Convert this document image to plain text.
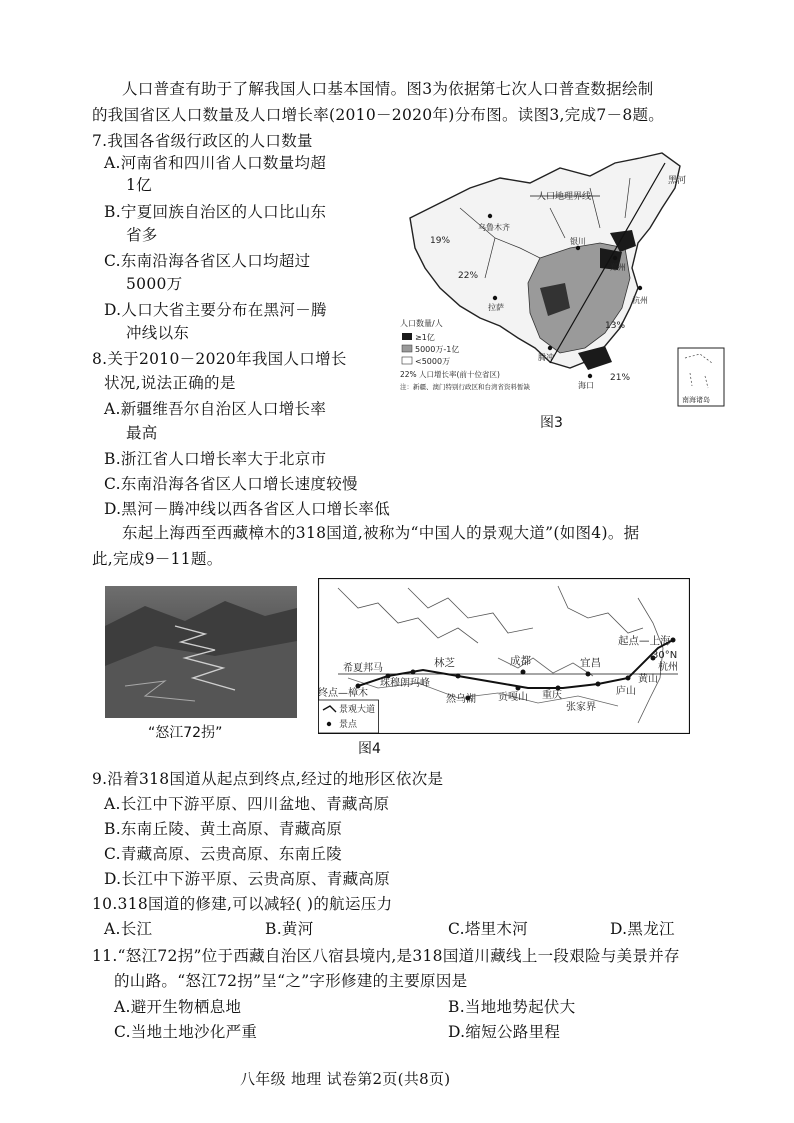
人口普查有助于了解我国人口基本国情。图3为依据第七次人口普查数据绘制
的我国省区人口数量及人口增长率(2010－2020年)分布图。读图3,完成7－8题。
7.我国各省级行政区的人口数量
A.河南省和四川省人口数量均超
1亿
B.宁夏回族自治区的人口比山东
省多
C.东南沿海各省区人口均超过
5000万
D.人口大省主要分布在黑河－腾
冲线以东
8.关于2010－2020年我国人口增长
状况,说法正确的是
A.新疆维吾尔自治区人口增长率
最高
B.浙江省人口增长率大于北京市
C.东南沿海各省区人口增长速度较慢
D.黑河－腾冲线以西各省区人口增长率低
黑河
人口地理界线
乌鲁木齐
19%
22%
拉萨
银川
郑州
杭州
13%
腾冲
海口
21%
人口数量/人
≥1亿
5000万-1亿
<5000万
22% 人口增长率(前十位省区)
注：新疆、澳门特别行政区和台湾省资料暂缺
南海诸岛
图3
东起上海西至西藏樟木的318国道,被称为“中国人的景观大道”(如图4)。据
此,完成9－11题。
“怒江72拐”
起点—上海
30°N
林芝	成都	宜昌
希夏邦马
珠穆朗玛峰
终点—樟木
然乌湖 贡嘎山 重庆
张家界
庐山
黄山
杭州
景观大道
景点
图4
9.沿着318国道从起点到终点,经过的地形区依次是
A.长江中下游平原、四川盆地、青藏高原
B.东南丘陵、黄土高原、青藏高原
C.青藏高原、云贵高原、东南丘陵
D.长江中下游平原、云贵高原、青藏高原
10.318国道的修建,可以减轻( )的航运压力
A.长江	B.黄河	C.塔里木河	D.黑龙江
11.“怒江72拐”位于西藏自治区八宿县境内,是318国道川藏线上一段艰险与美景并存
的山路。“怒江72拐”呈“之”字形修建的主要原因是
A.避开生物栖息地	B.当地地势起伏大
C.当地土地沙化严重	D.缩短公路里程
八年级 地理 试卷第2页(共8页)
